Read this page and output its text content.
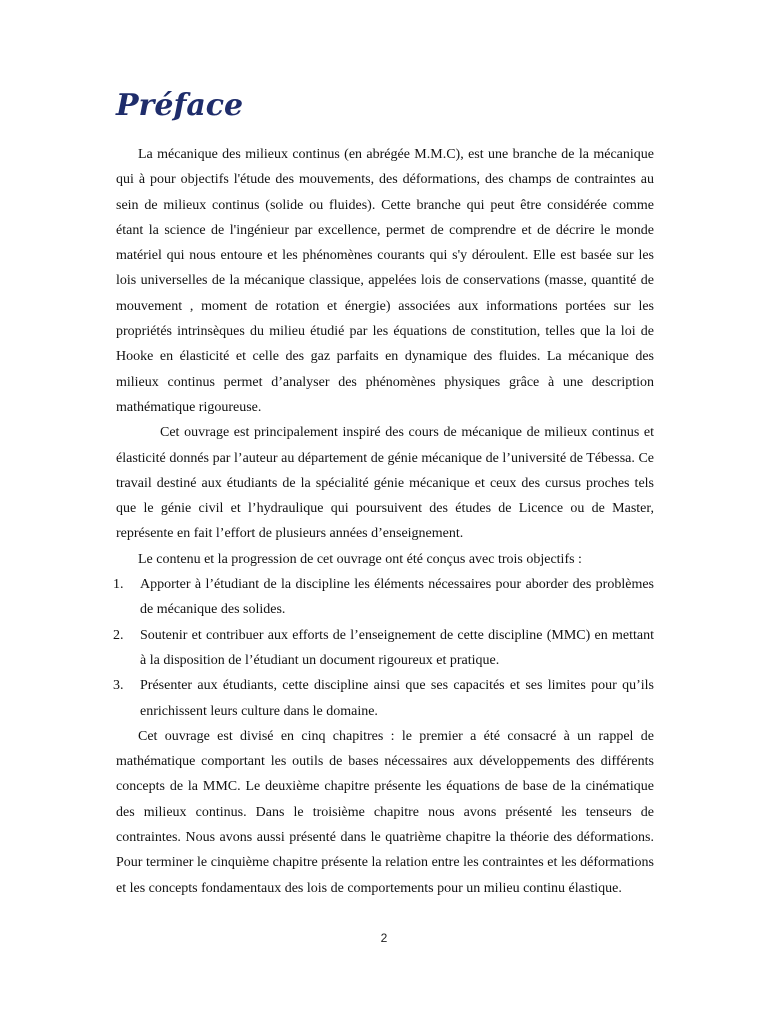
Préface

La mécanique des milieux continus (en abrégée M.M.C), est une branche de la mécanique qui à pour objectifs l'étude des mouvements, des déformations, des champs de contraintes au sein de milieux continus (solide ou fluides). Cette branche qui peut être considérée comme étant la science de l'ingénieur par excellence, permet de comprendre et de décrire le monde matériel qui nous entoure et les phénomènes courants qui s'y déroulent. Elle est basée sur les lois universelles de la mécanique classique, appelées lois de conservations (masse, quantité de mouvement , moment de rotation et énergie) associées aux informations portées sur les propriétés intrinsèques du milieu étudié par les équations de constitution, telles que la loi de Hooke en élasticité et celle des gaz parfaits en dynamique des fluides. La mécanique des milieux continus permet d’analyser des phénomènes physiques grâce à une description mathématique rigoureuse.

Cet ouvrage est principalement inspiré des cours de mécanique de milieux continus et élasticité donnés par l’auteur au département de génie mécanique de l’université de Tébessa. Ce travail destiné aux étudiants de la spécialité génie mécanique et ceux des cursus proches tels que le génie civil et l’hydraulique qui poursuivent des études de Licence ou de Master, représente en fait l’effort de plusieurs années d’enseignement.

Le contenu et la progression de cet ouvrage ont été conçus avec trois objectifs :

1. Apporter à l’étudiant de la discipline les éléments nécessaires pour aborder des problèmes de mécanique des solides.
2. Soutenir et contribuer aux efforts de l’enseignement de cette discipline (MMC) en mettant à la disposition de l’étudiant un document rigoureux et pratique.
3. Présenter aux étudiants, cette discipline ainsi que ses capacités et ses limites pour qu’ils enrichissent leurs culture dans le domaine.

Cet ouvrage est divisé en cinq chapitres : le premier a été consacré à un rappel de mathématique comportant les outils de bases nécessaires aux développements des différents concepts de la MMC. Le deuxième chapitre présente les équations de base de la cinématique des milieux continus. Dans le troisième chapitre nous avons présenté les tenseurs de contraintes. Nous avons aussi présenté dans le quatrième chapitre la théorie des déformations. Pour terminer le cinquième chapitre présente la relation entre les contraintes et les déformations et les concepts fondamentaux des lois de comportements pour un milieu continu élastique.

2
